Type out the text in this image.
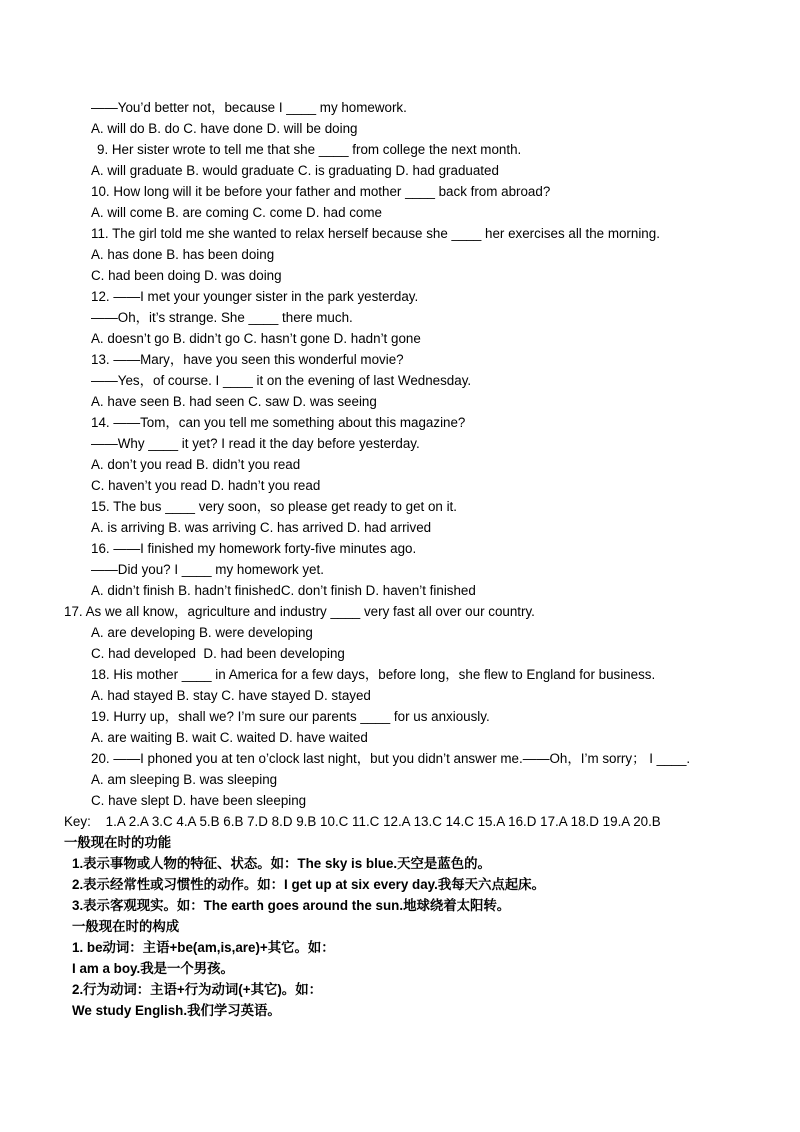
——You’d better not，because I ____ my homework.
A. will do B. do C. have done D. will be doing
9. Her sister wrote to tell me that she ____ from college the next month.
A. will graduate B. would graduate C. is graduating D. had graduated
10. How long will it be before your father and mother ____ back from abroad?
A. will come B. are coming C. come D. had come
11. The girl told me she wanted to relax herself because she ____ her exercises all the morning.
A. has done B. has been doing
C. had been doing D. was doing
12. ——I met your younger sister in the park yesterday.
——Oh，it’s strange. She ____ there much.
A. doesn’t go B. didn’t go C. hasn’t gone D. hadn’t gone
13. ——Mary，have you seen this wonderful movie?
——Yes，of course. I ____ it on the evening of last Wednesday.
A. have seen B. had seen C. saw D. was seeing
14. ——Tom，can you tell me something about this magazine?
——Why ____ it yet? I read it the day before yesterday.
A. don’t you read B. didn’t you read
C. haven’t you read D. hadn’t you read
15. The bus ____ very soon，so please get ready to get on it.
A. is arriving B. was arriving C. has arrived D. had arrived
16. ——I finished my homework forty-five minutes ago.
——Did you? I ____ my homework yet.
A. didn’t finish B. hadn’t finishedC. don’t finish D. haven’t finished
17. As we all know，agriculture and industry ____ very fast all over our country.
A. are developing B. were developing
C. had developed  D. had been developing
18. His mother ____ in America for a few days，before long，she flew to England for business.
A. had stayed B. stay C. have stayed D. stayed
19. Hurry up，shall we? I’m sure our parents ____ for us anxiously.
A. are waiting B. wait C. waited D. have waited
20. ——I phoned you at ten o’clock last night，but you didn’t answer me.——Oh，I’m sorry； I ____.
A. am sleeping B. was sleeping
C. have slept D. have been sleeping
Key:    1.A 2.A 3.C 4.A 5.B 6.B 7.D 8.D 9.B 10.C 11.C 12.A 13.C 14.C 15.A 16.D 17.A 18.D 19.A 20.B
一般现在时的功能
1.表示事物或人物的特征、状态。如：The sky is blue.天空是蓝色的。
2.表示经常性或习惯性的动作。如：I get up at six every day.我每天六点起床。
3.表示客观现实。如：The earth goes around the sun.地球绕着太阳转。
一般现在时的构成
1. be动词：主语+be(am,is,are)+其它。如：
I am a boy.我是一个男孩。
2.行为动词：主语+行为动词(+其它)。如：
We study English.我们学习英语。
